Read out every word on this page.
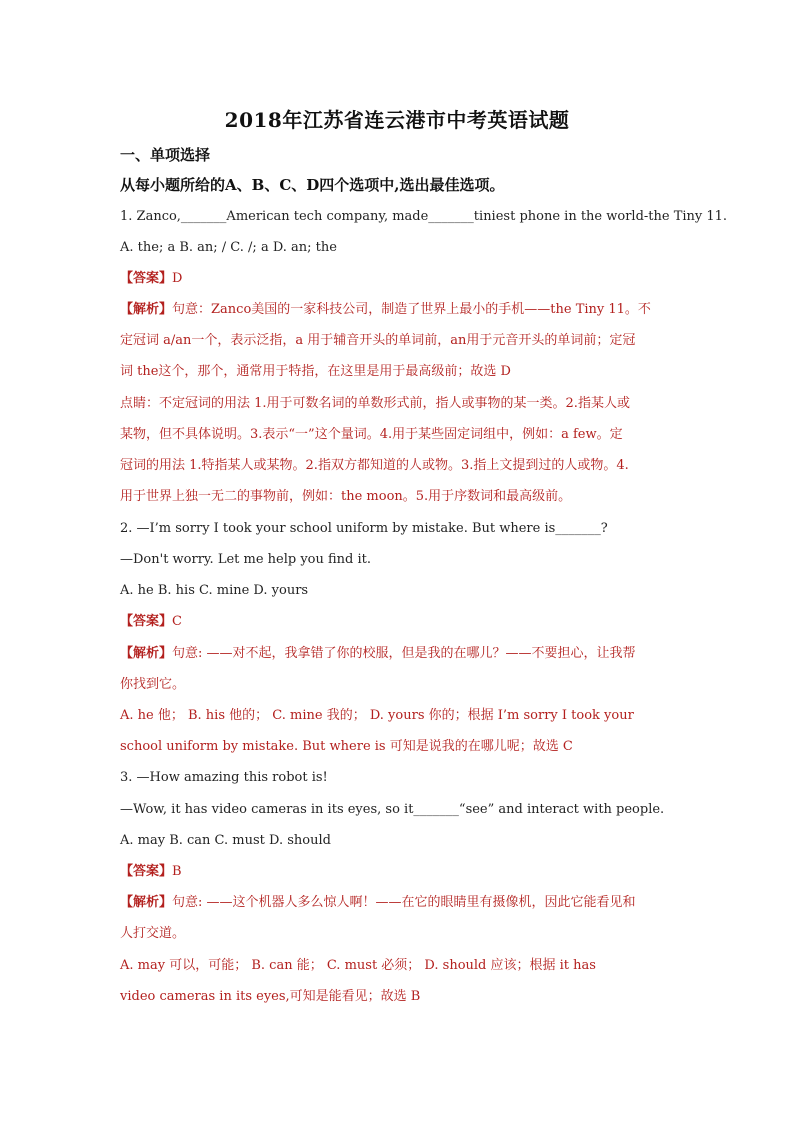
2018年江苏省连云港市中考英语试题
一、单项选择
从每小题所给的A、B、C、D四个选项中,选出最佳选项。
1. Zanco,_______American tech company, made_______tiniest phone in the world-the Tiny 11.
A. the; a B. an; / C. /; a D. an; the
【答案】D
【解析】句意：Zanco美国的一家科技公司，制造了世界上最小的手机——the Tiny 11。不
定冠词 a/an一个，表示泛指，a 用于辅音开头的单词前，an用于元音开头的单词前；定冠
词 the这个，那个，通常用于特指，在这里是用于最高级前；故选 D
点睛：不定冠词的用法 1.用于可数名词的单数形式前，指人或事物的某一类。2.指某人或
某物，但不具体说明。3.表示“一”这个量词。4.用于某些固定词组中，例如：a few。定
冠词的用法 1.特指某人或某物。2.指双方都知道的人或物。3.指上文提到过的人或物。4.
用于世界上独一无二的事物前，例如：the moon。5.用于序数词和最高级前。
2. —I’m sorry I took your school uniform by mistake. But where is_______?
—Don't worry. Let me help you find it.
A. he B. his C. mine D. yours
【答案】C
【解析】句意: ——对不起，我拿错了你的校服，但是我的在哪儿？——不要担心，让我帮
你找到它。
A. he 他； B. his 他的； C. mine 我的； D. yours 你的；根据 I’m sorry I took your
school uniform by mistake. But where is 可知是说我的在哪儿呢；故选 C
3. —How amazing this robot is!
—Wow, it has video cameras in its eyes, so it_______“see” and interact with people.
A. may B. can C. must D. should
【答案】B
【解析】句意: ——这个机器人多么惊人啊！——在它的眼睛里有摄像机，因此它能看见和
人打交道。
A. may 可以，可能； B. can 能； C. must 必须； D. should 应该；根据 it has
video cameras in its eyes,可知是能看见；故选 B
